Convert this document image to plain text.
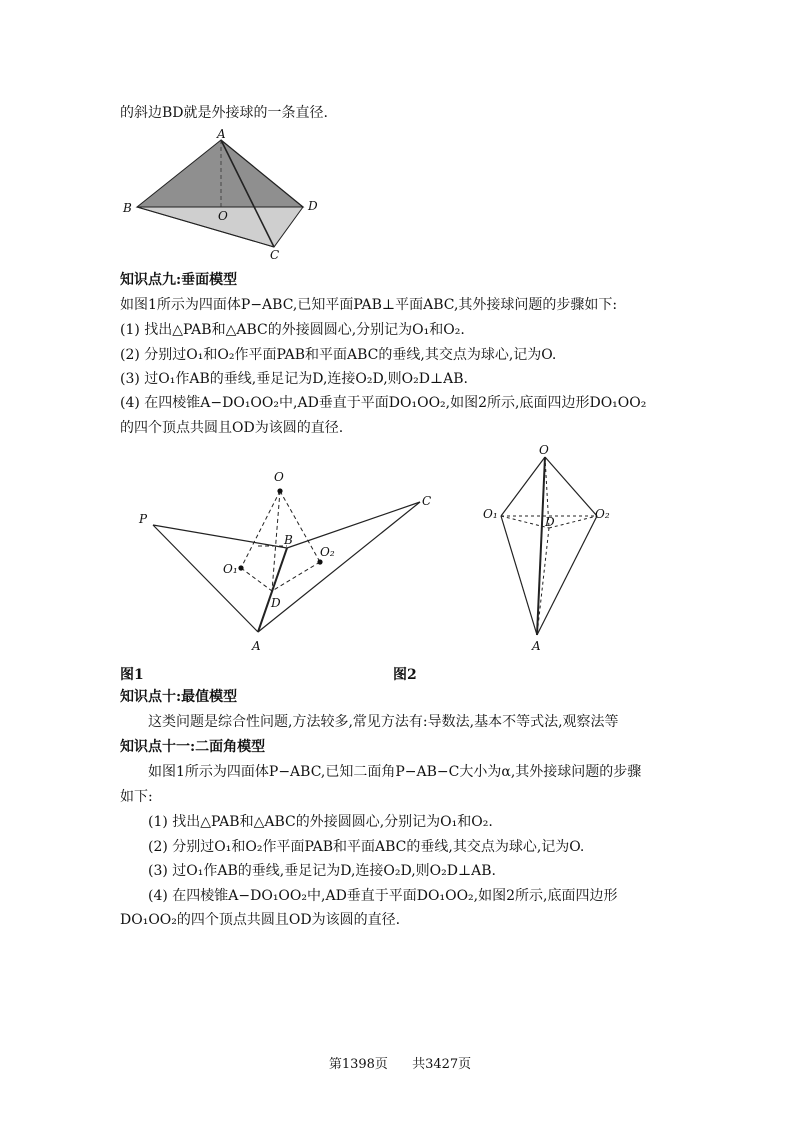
的斜边BD就是外接球的一条直径.
A
B
O
D
C
知识点九:垂面模型
如图1所示为四面体P−ABC,已知平面PAB⊥平面ABC,其外接球问题的步骤如下:
(1) 找出△PAB和△ABC的外接圆圆心,分别记为O₁和O₂.
(2) 分别过O₁和O₂作平面PAB和平面ABC的垂线,其交点为球心,记为O.
(3) 过O₁作AB的垂线,垂足记为D,连接O₂D,则O₂D⊥AB.
(4) 在四棱锥A−DO₁OO₂中,AD垂直于平面DO₁OO₂,如图2所示,底面四边形DO₁OO₂
的四个顶点共圆且OD为该圆的直径.
O
P
C
B
O₂
O₁
D
A
O
O₁
D
O₂
A
图1	图2
知识点十:最值模型
这类问题是综合性问题,方法较多,常见方法有:导数法,基本不等式法,观察法等
知识点十一:二面角模型
如图1所示为四面体P−ABC,已知二面角P−AB−C大小为α,其外接球问题的步骤
如下:
(1) 找出△PAB和△ABC的外接圆圆心,分别记为O₁和O₂.
(2) 分别过O₁和O₂作平面PAB和平面ABC的垂线,其交点为球心,记为O.
(3) 过O₁作AB的垂线,垂足记为D,连接O₂D,则O₂D⊥AB.
(4) 在四棱锥A−DO₁OO₂中,AD垂直于平面DO₁OO₂,如图2所示,底面四边形
DO₁OO₂的四个顶点共圆且OD为该圆的直径.
第1398页 共3427页
